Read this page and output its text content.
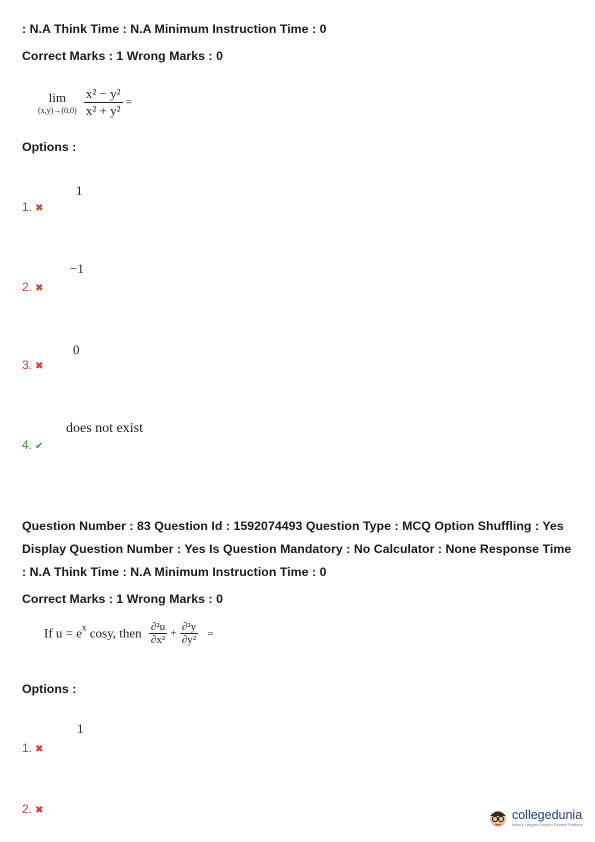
: N.A Think Time : N.A Minimum Instruction Time : 0
Correct Marks : 1 Wrong Marks : 0
lim
(x,y)→(0,0)
$\frac{\text{x² − y²}}{\text{x² + y²}}$ =
Options :
1
1. ✖
−1
2. ✖
0
3. ✖
does not exist
4. ✔
Question Number : 83 Question Id : 1592074493 Question Type : MCQ Option Shuffling : Yes
Display Question Number : Yes Is Question Mandatory : No Calculator : None Response Time
: N.A Think Time : N.A Minimum Instruction Time : 0
Correct Marks : 1 Wrong Marks : 0
If $u = e^x$ cosy, then $\frac{\text{∂²u}}{\text{∂x²}} + \frac{\text{∂²y}}{\text{∂y²}}$ =
Options :
1
1. ✖
2. ✖	collegedunia
India's Largest Student Review Platform
